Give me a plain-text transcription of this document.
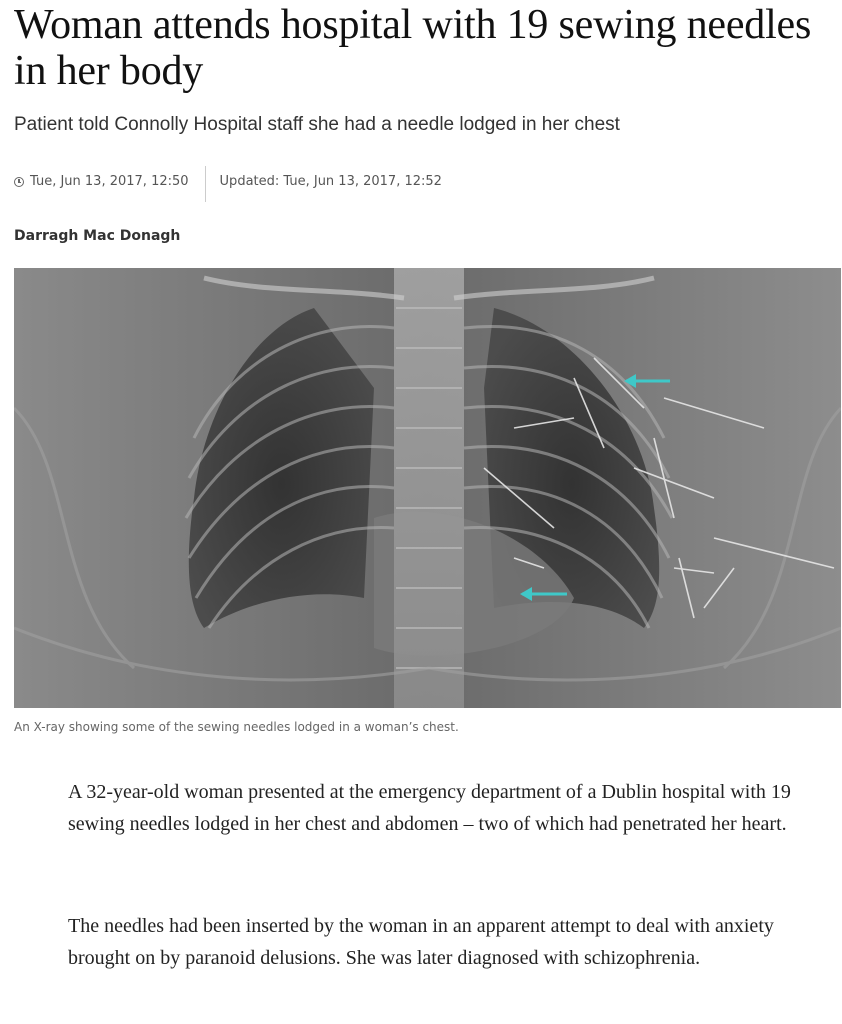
Woman attends hospital with 19 sewing needles in her body

Patient told Connolly Hospital staff she had a needle lodged in her chest

Tue, Jun 13, 2017, 12:50 Updated: Tue, Jun 13, 2017, 12:52

Darragh Mac Donagh

An X-ray showing some of the sewing needles lodged in a woman’s chest.

A 32-year-old woman presented at the emergency department of a Dublin hospital with 19 sewing needles lodged in her chest and abdomen – two of which had penetrated her heart.

The needles had been inserted by the woman in an apparent attempt to deal with anxiety brought on by paranoid delusions. She was later diagnosed with schizophrenia.
